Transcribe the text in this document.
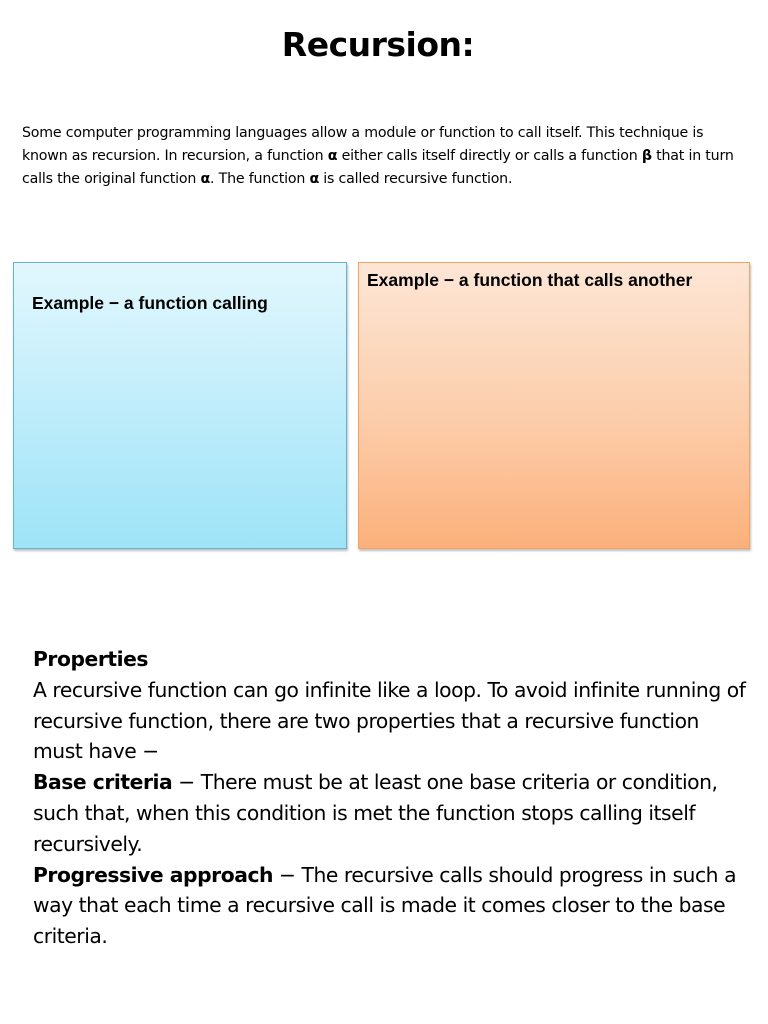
Recursion:

Some computer programming languages allow a module or function to call itself. This technique is known as recursion. In recursion, a function α either calls itself directly or calls a function β that in turn calls the original function α. The function α is called recursive function.

Example − a function calling
Example − a function that calls another

Properties

A recursive function can go infinite like a loop. To avoid infinite running of recursive function, there are two properties that a recursive function must have −

Base criteria − There must be at least one base criteria or condition, such that, when this condition is met the function stops calling itself recursively.

Progressive approach − The recursive calls should progress in such a way that each time a recursive call is made it comes closer to the base criteria.
